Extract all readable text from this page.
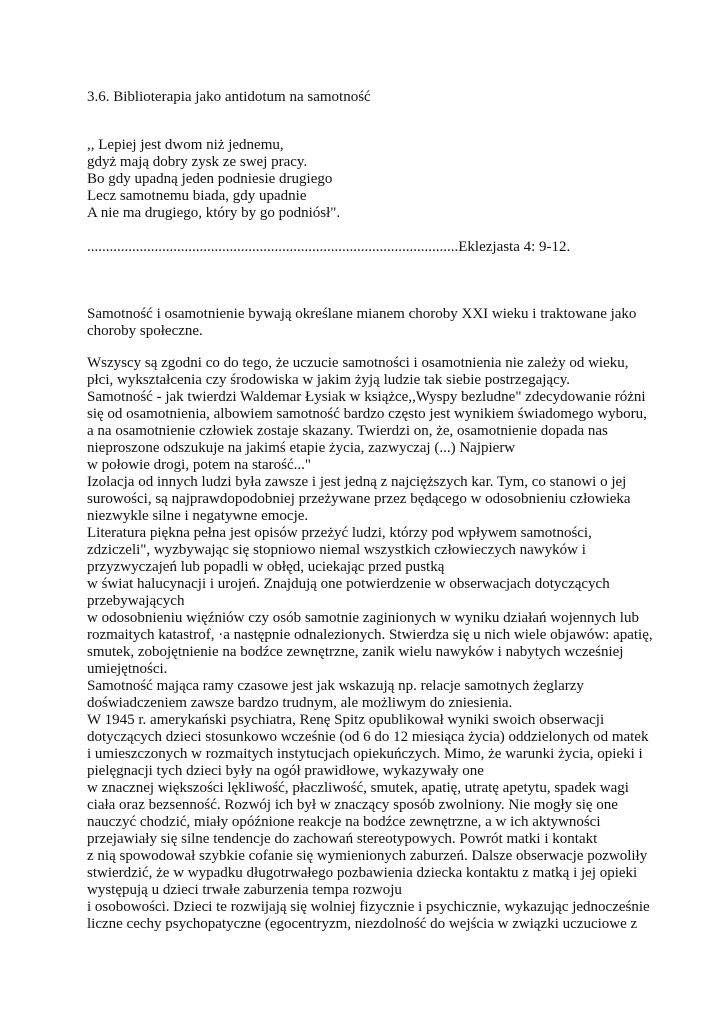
3.6. Biblioterapia jako antidotum na samotność
,, Lepiej jest dwom niż jednemu,
gdyż mają dobry zysk ze swej pracy.
Bo gdy upadną jeden podniesie drugiego
Lecz samotnemu biada, gdy upadnie
A nie ma drugiego, który by go podniósł".
...................................................................................................Eklezjasta 4: 9-12.
Samotność i osamotnienie bywają określane mianem choroby XXI wieku i traktowane jako
choroby społeczne.
Wszyscy są zgodni co do tego, że uczucie samotności i osamotnienia nie zależy od wieku,
płci, wykształcenia czy środowiska w jakim żyją ludzie tak siebie postrzegający.
Samotność - jak twierdzi Waldemar Łysiak w książce,,Wyspy bezludne" zdecydowanie różni
się od osamotnienia, albowiem samotność bardzo często jest wynikiem świadomego wyboru,
a na osamotnienie człowiek zostaje skazany. Twierdzi on, że, osamotnienie dopada nas
nieproszone odszukuje na jakimś etapie życia, zazwyczaj (...) Najpierw
w połowie drogi, potem na starość..."
Izolacja od innych ludzi była zawsze i jest jedną z najcięższych kar. Tym, co stanowi o jej
surowości, są najprawdopodobniej przeżywane przez będącego w odosobnieniu człowieka
niezwykle silne i negatywne emocje.
Literatura piękna pełna jest opisów przeżyć ludzi, którzy pod wpływem samotności,
zdziczeli", wyzbywając się stopniowo niemal wszystkich człowieczych nawyków i
przyzwyczajeń lub popadli w obłęd, uciekając przed pustką
w świat halucynacji i urojeń. Znajdują one potwierdzenie w obserwacjach dotyczących
przebywających
w odosobnieniu więźniów czy osób samotnie zaginionych w wyniku działań wojennych lub
rozmaitych katastrof, ·a następnie odnalezionych. Stwierdza się u nich wiele objawów: apatię,
smutek, zobojętnienie na bodźce zewnętrzne, zanik wielu nawyków i nabytych wcześniej
umiejętności.
Samotność mająca ramy czasowe jest jak wskazują np. relacje samotnych żeglarzy
doświadczeniem zawsze bardzo trudnym, ale możliwym do zniesienia.
W 1945 r. amerykański psychiatra, Renę Spitz opublikował wyniki swoich obserwacji
dotyczących dzieci stosunkowo wcześnie (od 6 do 12 miesiąca życia) oddzielonych od matek
i umieszczonych w rozmaitych instytucjach opiekuńczych. Mimo, że warunki życia, opieki i
pielęgnacji tych dzieci były na ogół prawidłowe, wykazywały one
w znacznej większości lękliwość, płaczliwość, smutek, apatię, utratę apetytu, spadek wagi
ciała oraz bezsenność. Rozwój ich był w znaczący sposób zwolniony. Nie mogły się one
nauczyć chodzić, miały opóźnione reakcje na bodźce zewnętrzne, a w ich aktywności
przejawiały się silne tendencje do zachowań stereotypowych. Powrót matki i kontakt
z nią spowodował szybkie cofanie się wymienionych zaburzeń. Dalsze obserwacje pozwoliły
stwierdzić, że w wypadku długotrwałego pozbawienia dziecka kontaktu z matką i jej opieki
występują u dzieci trwałe zaburzenia tempa rozwoju
i osobowości. Dzieci te rozwijają się wolniej fizycznie i psychicznie, wykazując jednocześnie
liczne cechy psychopatyczne (egocentryzm, niezdolność do wejścia w związki uczuciowe z
